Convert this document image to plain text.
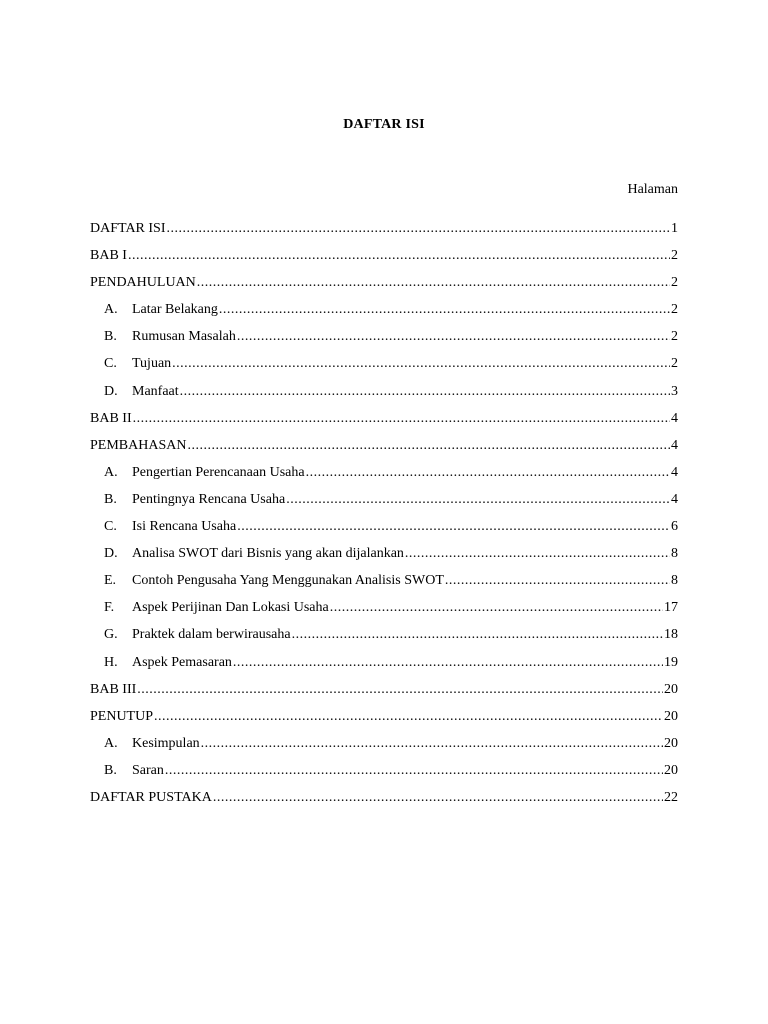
DAFTAR ISI
Halaman
DAFTAR ISI .....	1
BAB I .....	2
PENDAHULUAN .....	2
A.	Latar Belakang .....	2
B.	Rumusan Masalah .....	2
C.	Tujuan .....	2
D.	Manfaat .....	3
BAB II .....	4
PEMBAHASAN .....	4
A.	Pengertian Perencanaan Usaha .....	4
B.	Pentingnya Rencana Usaha .....	4
C.	Isi Rencana Usaha .....	6
D.	Analisa SWOT dari Bisnis yang akan dijalankan .....	8
E.	Contoh Pengusaha Yang Menggunakan Analisis SWOT .....	8
F.	Aspek Perijinan Dan Lokasi Usaha .....	17
G.	Praktek dalam berwirausaha .....	18
H.	Aspek Pemasaran .....	19
BAB III .....	20
PENUTUP .....	20
A.	Kesimpulan .....	20
B.	Saran .....	20
DAFTAR PUSTAKA .....	22
